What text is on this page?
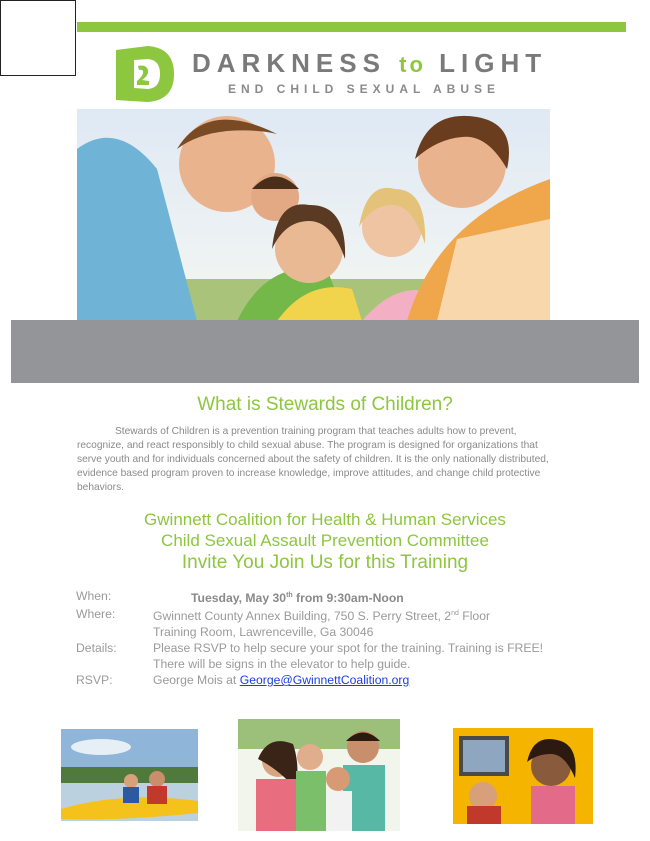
DARKNESS to LIGHT
END CHILD SEXUAL ABUSE
What is Stewards of Children?
Stewards of Children is a prevention training program that teaches adults how to prevent, recognize, and react responsibly to child sexual abuse. The program is designed for organizations that serve youth and for individuals concerned about the safety of children. It is the only nationally distributed, evidence based program proven to increase knowledge, improve attitudes, and change child protective behaviors.
Gwinnett Coalition for Health & Human Services
Child Sexual Assault Prevention Committee
Invite You Join Us for this Training
When:	Tuesday, May 30th from 9:30am-Noon
Where:	Gwinnett County Annex Building, 750 S. Perry Street, 2nd Floor
Training Room, Lawrenceville, Ga 30046
Details:	Please RSVP to help secure your spot for the training. Training is FREE!
There will be signs in the elevator to help guide.
RSVP:	George Mois at George@GwinnettCoalition.org
